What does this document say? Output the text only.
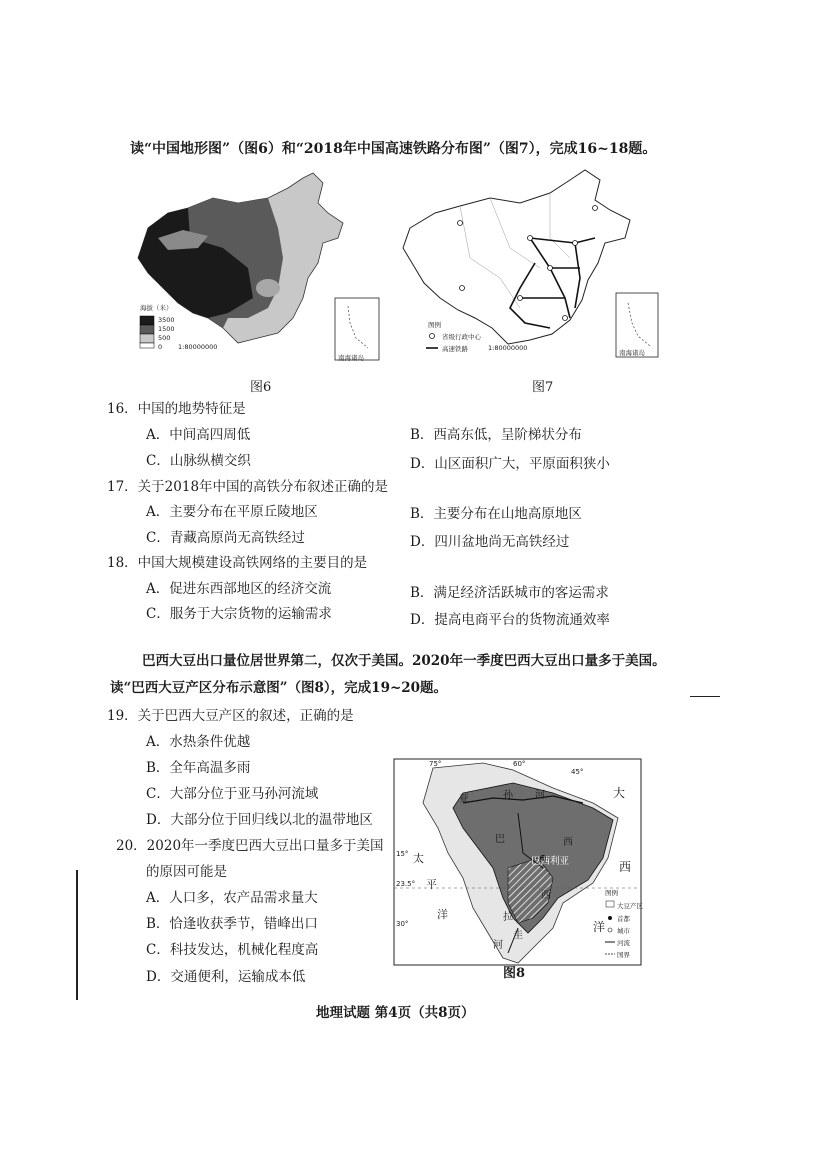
读“中国地形图”（图6）和“2018年中国高速铁路分布图”（图7），完成16~18题。
海拔（米）
3500
1500
500
0 1:80000000
南海诸岛
图6
图例
省级行政中心
高速铁路	1:80000000
南海诸岛
图7
16．中国的地势特征是
A．中间高四周低	B．西高东低，呈阶梯状分布
C．山脉纵横交织	D．山区面积广大，平原面积狭小
17．关于2018年中国的高铁分布叙述正确的是
A．主要分布在平原丘陵地区	B．主要分布在山地高原地区
C．青藏高原尚无高铁经过	D．四川盆地尚无高铁经过
18．中国大规模建设高铁网络的主要目的是
A．促进东西部地区的经济交流	B．满足经济活跃城市的客运需求
C．服务于大宗货物的运输需求	D．提高电商平台的货物流通效率
巴西大豆出口量位居世界第二，仅次于美国。2020年一季度巴西大豆出口量多于美国。
读“巴西大豆产区分布示意图”（图8），完成19~20题。
19．关于巴西大豆产区的叙述，正确的是
A．水热条件优越
B．全年高温多雨
C．大部分位于亚马孙河流域
D．大部分位于回归线以北的温带地区
20．2020年一季度巴西大豆出口量多于美国
的原因可能是
A．人口多，农产品需求量大
B．恰逢收获季节，错峰出口
C．科技发达，机械化程度高
D．交通便利，运输成本低
75°	60°
45°
15°
23.5°
30°
大
西
洋
太
平
洋
亚	孙 河
巴	西
西
巴西利亚
拉
圭
河
图例
大豆产区
首都
城市
河流
国界
图8
地理试题 第4页（共8页）
